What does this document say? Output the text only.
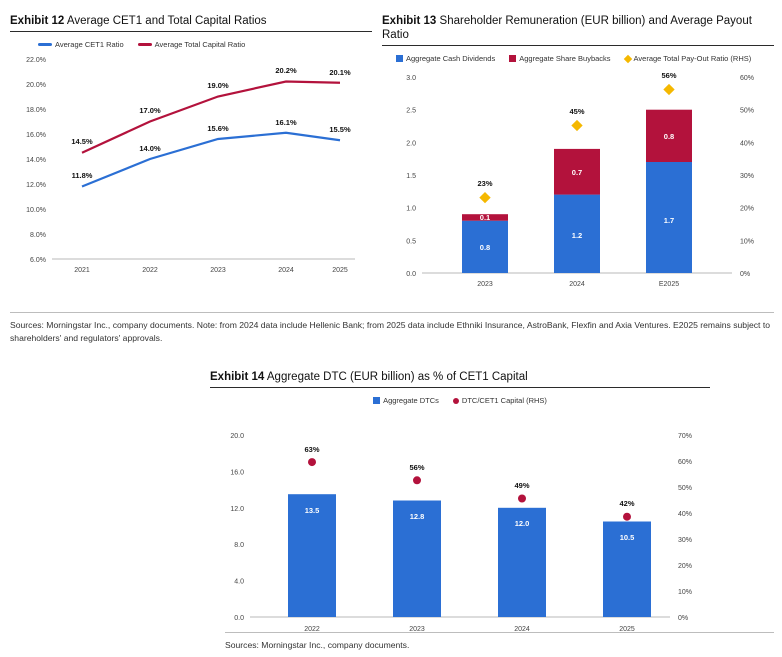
Exhibit 12 Average CET1 and Total Capital Ratios
Average CET1 Ratio	Average Total Capital Ratio
22.0%
20.0%
18.0%
16.0%
14.0%
12.0%
10.0%
8.0%
6.0%
2021	2022	2023	2024	2025
14.5%
17.0%
19.0%
20.2%	20.1%
11.8%
14.0%
15.6%
16.1%
15.5%
Exhibit 13 Shareholder Remuneration (EUR billion) and Average Payout Ratio
Aggregate Cash Dividends	Aggregate Share Buybacks	Average Total Pay-Out Ratio (RHS)
3.0
2.5
2.0
1.5
1.0
0.5
0.0
60%
50%
40%
30%
20%
10%
0%
0.8
0.1
1.2
0.7
1.7
0.8
23%
45%
56%
2023	2024	E2025
Sources: Morningstar Inc., company documents. Note: from 2024 data include Hellenic Bank; from 2025 data include Ethniki Insurance, AstroBank, Flexfin and Axia Ventures. E2025 remains subject to shareholders' and regulators' approvals.
Exhibit 14 Aggregate DTC (EUR billion) as % of CET1 Capital
Aggregate DTCs	DTC/CET1 Capital (RHS)
20.0
16.0
12.0
8.0
4.0
0.0
70%
60%
50%
40%
30%
20%
10%
0%
13.5
63%
12.8
56%
12.0
49%
10.5
42%
2022	2023	2024	2025
Sources: Morningstar Inc., company documents.
